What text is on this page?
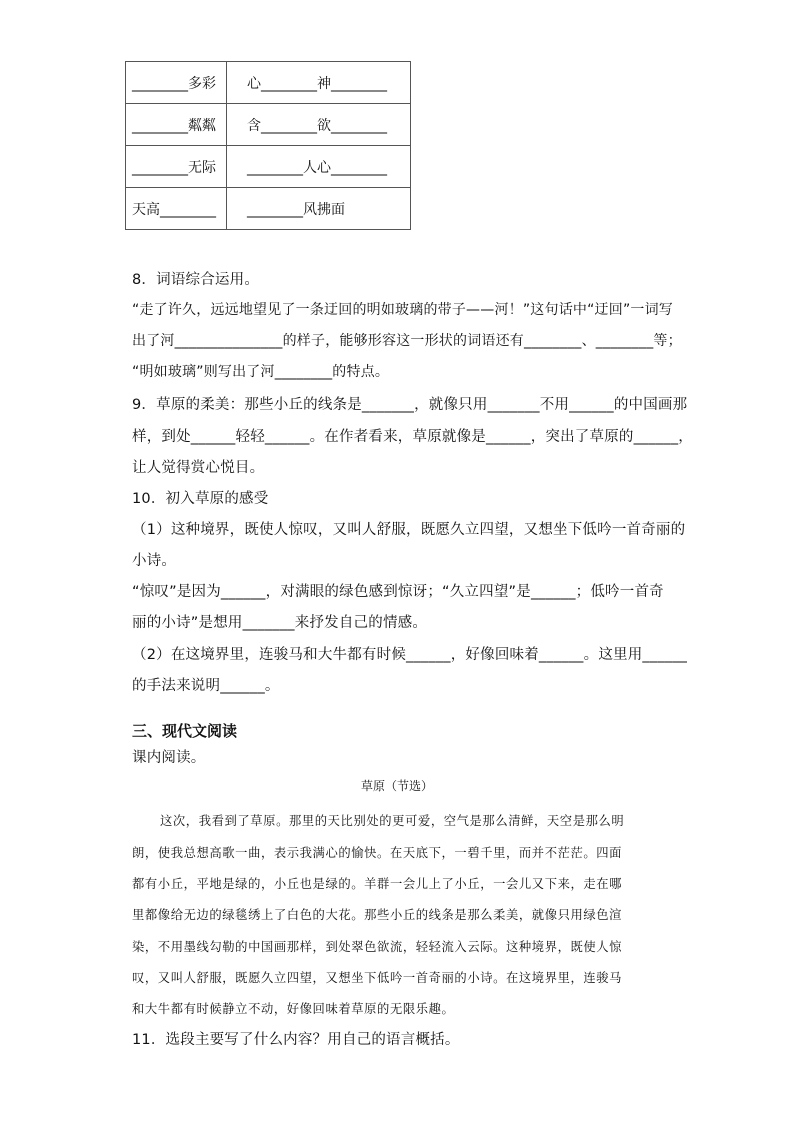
________多彩	心________神________
________粼粼	含________欲________
________无际	________人心________
天高________	________风拂面
8．词语综合运用。
“走了许久，远远地望见了一条迂回的明如玻璃的带子——河！”这句话中“迂回”一词写
出了河_______________的样子，能够形容这一形状的词语还有________、________等；
“明如玻璃”则写出了河________的特点。
9．草原的柔美：那些小丘的线条是_______，就像只用_______不用______的中国画那
样，到处______轻轻______。在作者看来，草原就像是______，突出了草原的______，
让人觉得赏心悦目。
10．初入草原的感受
（1）这种境界，既使人惊叹，又叫人舒服，既愿久立四望，又想坐下低吟一首奇丽的
小诗。
“惊叹”是因为______，对满眼的绿色感到惊讶；“久立四望”是______；低吟一首奇
丽的小诗”是想用_______来抒发自己的情感。
（2）在这境界里，连骏马和大牛都有时候______，好像回味着______。这里用______
的手法来说明______。
三、现代文阅读
课内阅读。
草原（节选）
这次，我看到了草原。那里的天比别处的更可爱，空气是那么清鲜，天空是那么明
朗，使我总想高歌一曲，表示我满心的愉快。在天底下，一碧千里，而并不茫茫。四面
都有小丘，平地是绿的，小丘也是绿的。羊群一会儿上了小丘，一会儿又下来，走在哪
里都像给无边的绿毯绣上了白色的大花。那些小丘的线条是那么柔美，就像只用绿色渲
染，不用墨线勾勒的中国画那样，到处翠色欲流，轻轻流入云际。这种境界，既使人惊
叹，又叫人舒服，既愿久立四望，又想坐下低吟一首奇丽的小诗。在这境界里，连骏马
和大牛都有时候静立不动，好像回味着草原的无限乐趣。
11．选段主要写了什么内容？用自己的语言概括。
